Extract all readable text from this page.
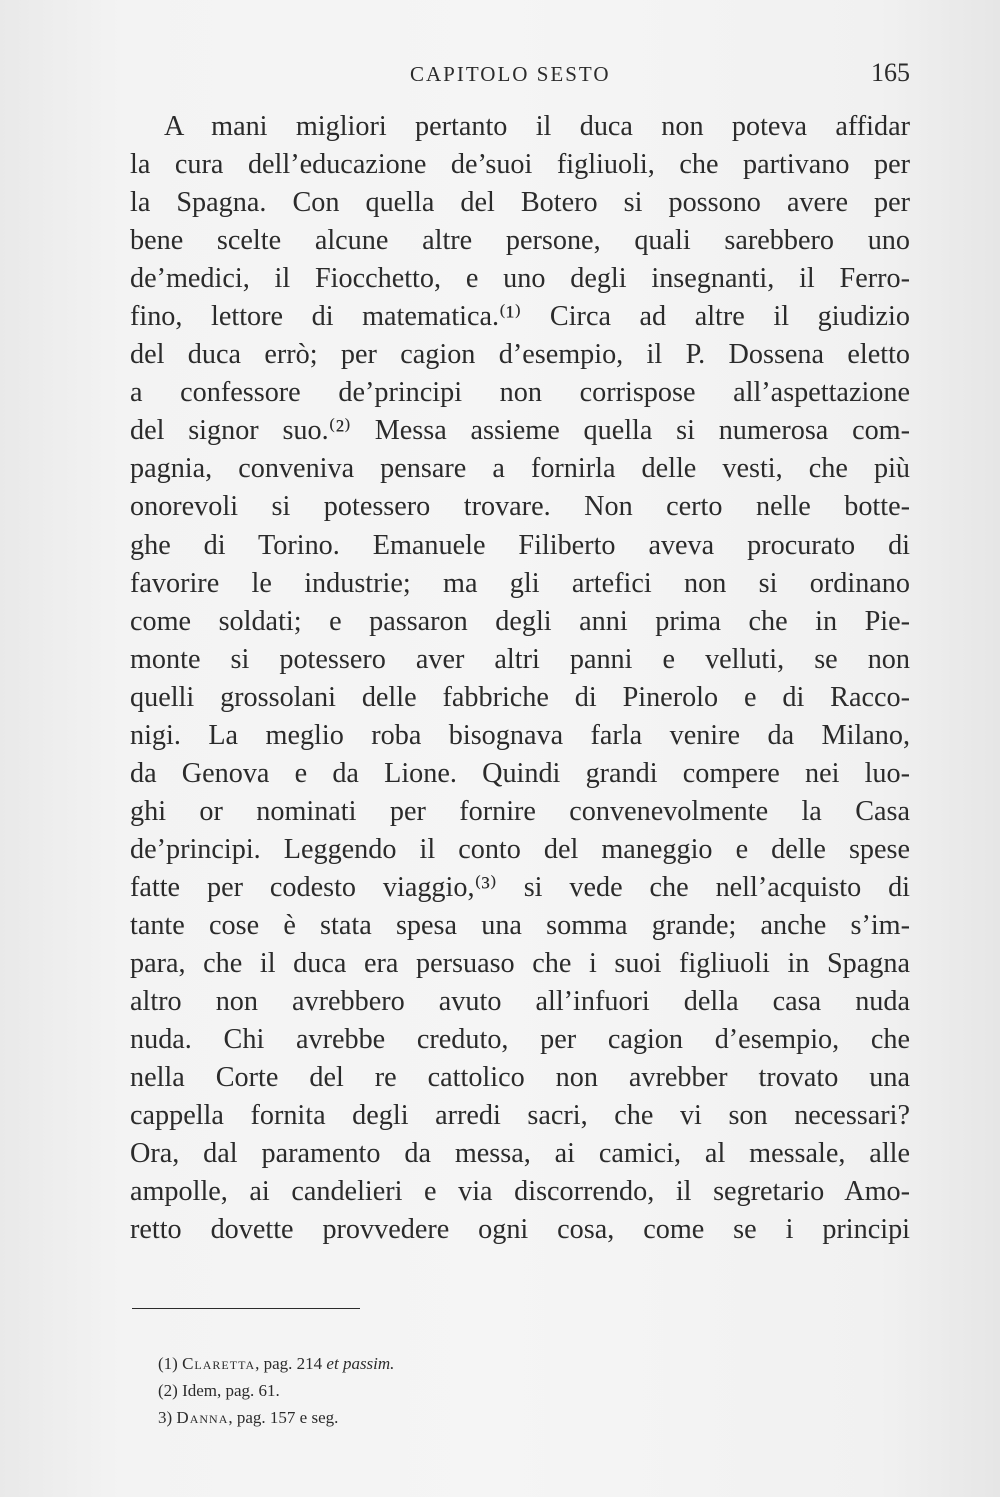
CAPITOLO SESTO	165
A mani migliori pertanto il duca non poteva affidar
la cura dell’educazione de’suoi figliuoli, che partivano per
la Spagna. Con quella del Botero si possono avere per
bene scelte alcune altre persone, quali sarebbero uno
de’medici, il Fiocchetto, e uno degli insegnanti, il Ferro-
fino, lettore di matematica.⁽¹⁾ Circa ad altre il giudizio
del duca errò; per cagion d’esempio, il P. Dossena eletto
a confessore de’principi non corrispose all’aspettazione
del signor suo.⁽²⁾ Messa assieme quella si numerosa com-
pagnia, conveniva pensare a fornirla delle vesti, che più
onorevoli si potessero trovare. Non certo nelle botte-
ghe di Torino. Emanuele Filiberto aveva procurato di
favorire le industrie; ma gli artefici non si ordinano
come soldati; e passaron degli anni prima che in Pie-
monte si potessero aver altri panni e velluti, se non
quelli grossolani delle fabbriche di Pinerolo e di Racco-
nigi. La meglio roba bisognava farla venire da Milano,
da Genova e da Lione. Quindi grandi compere nei luo-
ghi or nominati per fornire convenevolmente la Casa
de’principi. Leggendo il conto del maneggio e delle spese
fatte per codesto viaggio,⁽³⁾ si vede che nell’acquisto di
tante cose è stata spesa una somma grande; anche s’im-
para, che il duca era persuaso che i suoi figliuoli in Spagna
altro non avrebbero avuto all’infuori della casa nuda
nuda. Chi avrebbe creduto, per cagion d’esempio, che
nella Corte del re cattolico non avrebber trovato una
cappella fornita degli arredi sacri, che vi son necessari?
Ora, dal paramento da messa, ai camici, al messale, alle
ampolle, ai candelieri e via discorrendo, il segretario Amo-
retto dovette provvedere ogni cosa, come se i principi
(1) Claretta, pag. 214 et passim.
(2) Idem, pag. 61.
3) Danna, pag. 157 e seg.
